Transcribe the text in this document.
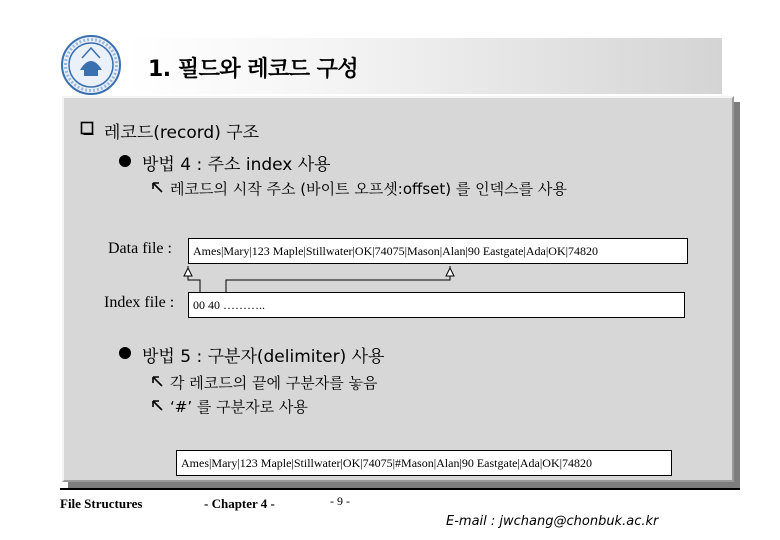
1. 필드와 레코드 구성
레코드(record) 구조
방법 4 : 주소 index 사용
레코드의 시작 주소 (바이트 오프셋:offset) 를 인덱스를 사용
Data file :	Ames|Mary|123 Maple|Stillwater|OK|74075|Mason|Alan|90 Eastgate|Ada|OK|74820
Index file :	00 40 ………..
방법 5 : 구분자(delimiter) 사용
각 레코드의 끝에 구분자를 놓음
‘#’ 를 구분자로 사용
Ames|Mary|123 Maple|Stillwater|OK|74075|#Mason|Alan|90 Eastgate|Ada|OK|74820
File Structures	- Chapter 4 -	- 9 -
E-mail : jwchang@chonbuk.ac.kr
